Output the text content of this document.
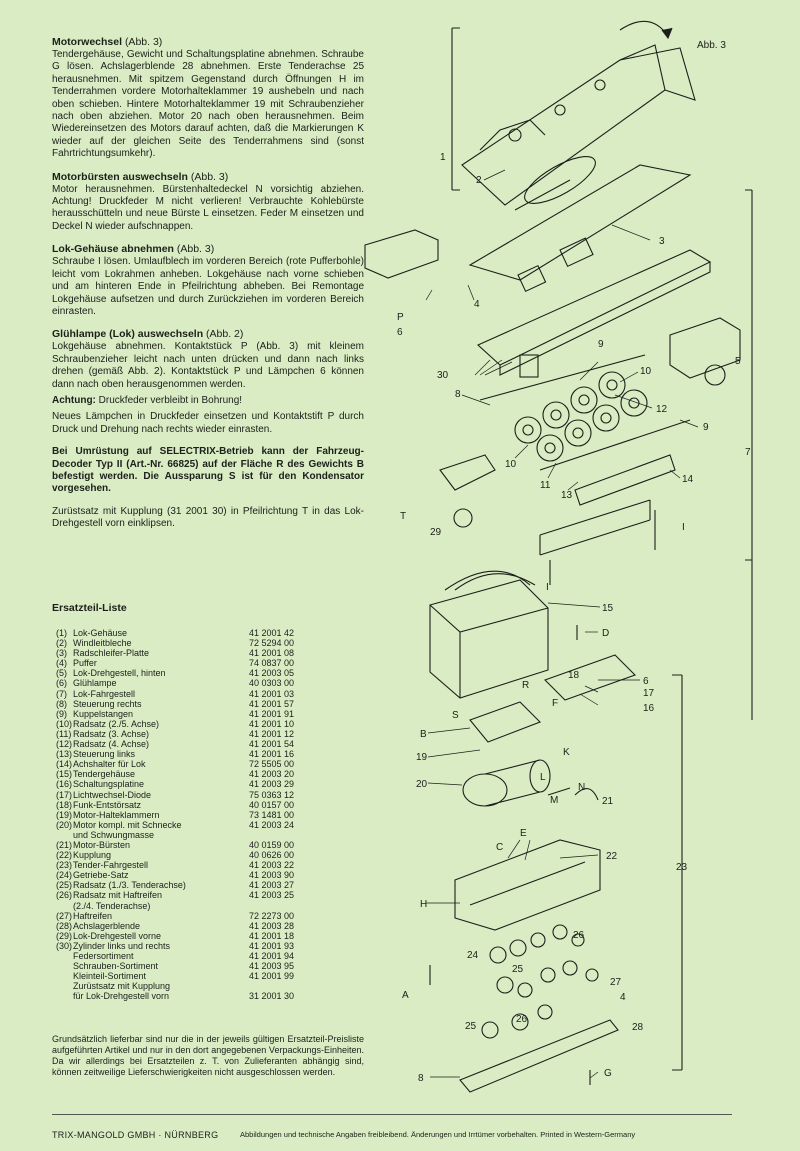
Motorwechsel (Abb. 3)

Tendergehäuse, Gewicht und Schaltungsplatine abnehmen. Schraube G lösen. Achslagerblende 28 abnehmen. Erste Tenderachse 25 herausnehmen. Mit spitzem Gegenstand durch Öffnungen H im Tenderrahmen vordere Motorhalteklammer 19 aushebeln und nach oben schieben. Hintere Motorhalteklammer 19 mit Schraubenzieher nach oben abziehen. Motor 20 nach oben herausnehmen. Beim Wiedereinsetzen des Motors darauf achten, daß die Markierungen K wieder auf der gleichen Seite des Tenderrahmens sind (sonst Fahrtrichtungsumkehr).

Motorbürsten auswechseln (Abb. 3)

Motor herausnehmen. Bürstenhaltedeckel N vorsichtig abziehen. Achtung! Druckfeder M nicht verlieren! Verbrauchte Kohlebürste herausschütteln und neue Bürste L einsetzen. Feder M einsetzen und Deckel N wieder aufschnappen.

Lok-Gehäuse abnehmen (Abb. 3)

Schraube I lösen. Umlaufblech im vorderen Bereich (rote Pufferbohle) leicht vom Lokrahmen anheben. Lokgehäuse nach vorne schieben und am hinteren Ende in Pfeilrichtung abheben. Bei Remontage Lokgehäuse aufsetzen und durch Zurückziehen im vorderen Bereich einrasten.

Glühlampe (Lok) auswechseln (Abb. 2)

Lokgehäuse abnehmen. Kontaktstück P (Abb. 3) mit kleinem Schraubenzieher leicht nach unten drücken und dann nach links drehen (gemäß Abb. 2). Kontaktstück P und Lämpchen 6 können dann nach oben herausgenommen werden.

Achtung: Druckfeder verbleibt in Bohrung!

Neues Lämpchen in Druckfeder einsetzen und Kontaktstift P durch Druck und Drehung nach rechts wieder einrasten.

Bei Umrüstung auf SELECTRIX-Betrieb kann der Fahrzeug-Decoder Typ II (Art.-Nr. 66825) auf der Fläche R des Gewichts B befestigt werden. Die Aussparung S ist für den Kondensator vorgesehen.

Zurüstsatz mit Kupplung (31 2001 30) in Pfeilrichtung T in das Lok-Drehgestell vorn einklipsen.

Ersatzteil-Liste
(1) Lok-Gehäuse	41 2001 42
(2) Windleitbleche	72 5294 00
(3) Radschleifer-Platte	41 2001 08
(4) Puffer	74 0837 00
(5) Lok-Drehgestell, hinten	41 2003 05
(6) Glühlampe	40 0303 00
(7) Lok-Fahrgestell	41 2001 03
(8) Steuerung rechts	41 2001 57
(9) Kuppelstangen	41 2001 91
(10) Radsatz (2./5. Achse)	41 2001 10
(11) Radsatz (3. Achse)	41 2001 12
(12) Radsatz (4. Achse)	41 2001 54
(13) Steuerung links	41 2001 16
(14) Achshalter für Lok	72 5505 00
(15) Tendergehäuse	41 2003 20
(16) Schaltungsplatine	41 2003 29
(17) Lichtwechsel-Diode	75 0363 12
(18) Funk-Entstörsatz	40 0157 00
(19) Motor-Halteklammern	73 1481 00
(20) Motor kompl. mit Schnecke	41 2003 24
und Schwungmasse
(21) Motor-Bürsten	40 0159 00
(22) Kupplung	40 0626 00
(23) Tender-Fahrgestell	41 2003 22
(24) Getriebe-Satz	41 2003 90
(25) Radsatz (1./3. Tenderachse)	41 2003 27
(26) Radsatz mit Haftreifen	41 2003 25
(2./4. Tenderachse)
(27) Haftreifen	72 2273 00
(28) Achslagerblende	41 2003 28
(29) Lok-Drehgestell vorne	41 2001 18
(30) Zylinder links und rechts	41 2001 93
Federsortiment	41 2001 94
Schrauben-Sortiment	41 2003 95
Kleinteil-Sortiment	41 2001 99
Zurüstsatz mit Kupplung
für Lok-Drehgestell vorn	31 2001 30

Grundsätzlich lieferbar sind nur die in der jeweils gültigen Ersatzteil-Preisliste aufgeführten Artikel und nur in den dort angegebenen Verpackungs-Einheiten. Da wir allerdings bei Ersatzteilen z. T. von Zulieferanten abhängig sind, können zeitweilige Lieferschwierigkeiten nicht ausgeschlossen werden.

TRIX-MANGOLD GMBH · NÜRNBERG	Abbildungen und technische Angaben freibleibend. Änderungen und Irrtümer vorbehalten. Printed in Western-Germany
Abb. 3
1
2
3
4
5
6
P
7
8
9
9
10
10
11
12
13
14
I
I
T
29
30
15
D
18
6
17
16
F
R
S
B
K
19
20
L
N
M	21
E
22
23
C
H
24
25
26
27
A
25
26
4
28
8	G
